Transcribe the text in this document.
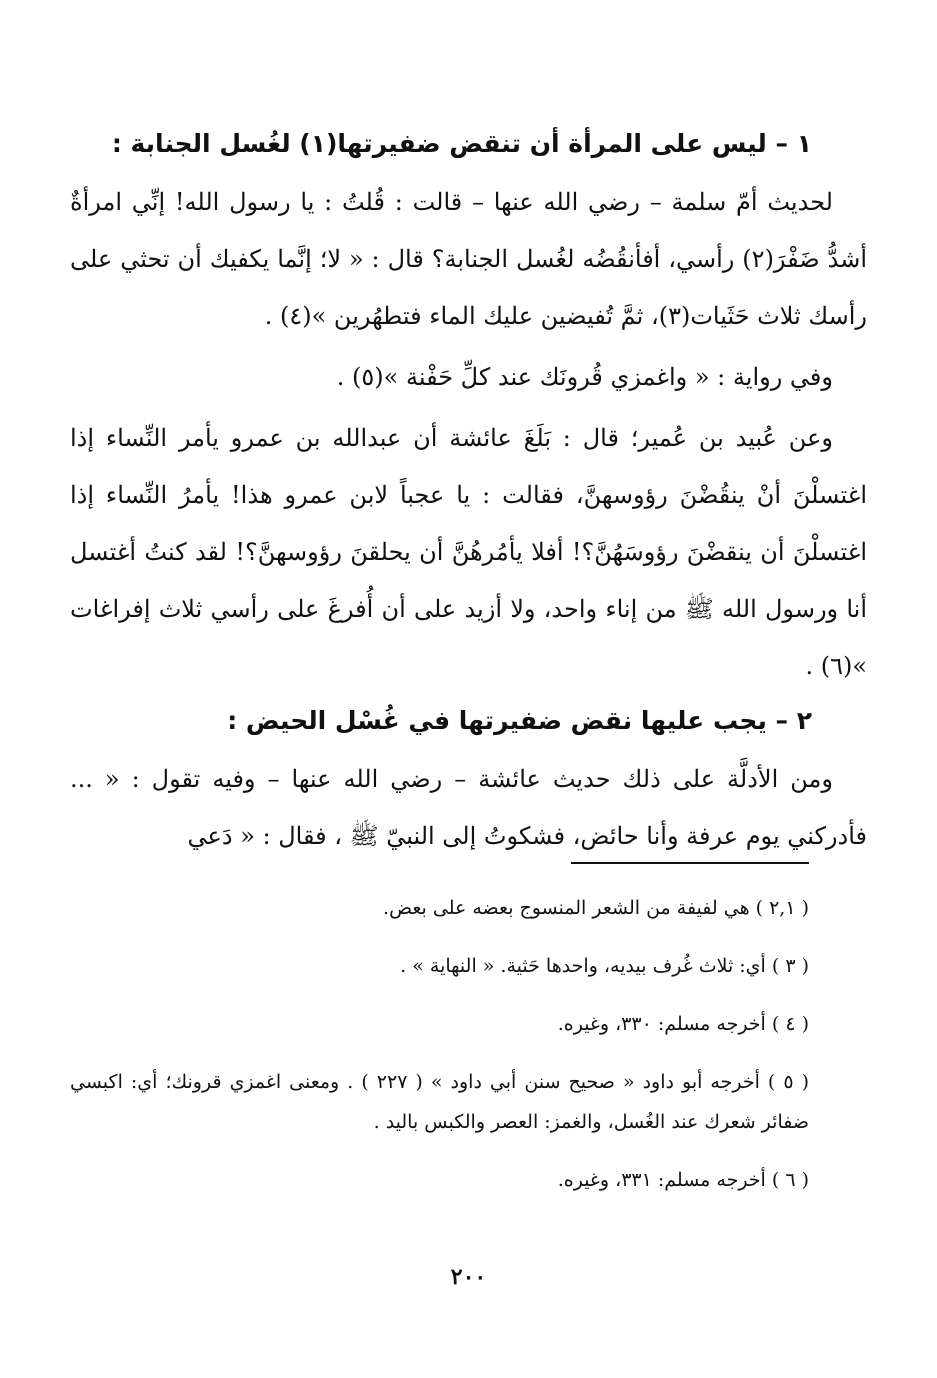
١ – ليس على المرأة أن تنقض ضفيرتها(١) لغُسل الجنابة :

لحديث أمّ سلمة – رضي الله عنها – قالت : قُلتُ : يا رسول الله! إنِّي امرأةٌ أشدُّ ضَفْرَ(٢) رأسي، أفأنقُضُه لغُسل الجنابة؟ قال : « لا؛ إنَّما يكفيك أن تحثي على رأسك ثلاث حَثَيات(٣)، ثمَّ تُفيضين عليك الماء فتطهُرين »(٤) .

وفي رواية : « واغمزي قُرونَك عند كلِّ حَفْنة »(٥) .

وعن عُبيد بن عُمير؛ قال : بَلَغَ عائشة أن عبدالله بن عمرو يأمر النِّساء إذا اغتسلْنَ أنْ ينقُضْنَ رؤوسهنَّ، فقالت : يا عجباً لابن عمرو هذا! يأمرُ النِّساء إذا اغتسلْنَ أن ينقضْنَ رؤوسَهُنَّ؟! أفلا يأمُرهُنَّ أن يحلقنَ رؤوسهنَّ؟! لقد كنتُ أغتسل أنا ورسول الله ﷺ من إناء واحد، ولا أزيد على أن أُفرغَ على رأسي ثلاث إفراغات »(٦) .

٢ – يجب عليها نقض ضفيرتها في غُسْل الحيض :

ومن الأدلَّة على ذلك حديث عائشة – رضي الله عنها – وفيه تقول : « ... فأدركني يوم عرفة وأنا حائض، فشكوتُ إلى النبيّ ﷺ ، فقال : « دَعي

( ٢,١ ) هي لفيفة من الشعر المنسوج بعضه على بعض.

( ٣ ) أي: ثلاث غُرف بيديه، واحدها حَثية. « النهاية » .

( ٤ ) أخرجه مسلم: ٣٣٠، وغيره.

( ٥ ) أخرجه أبو داود « صحيح سنن أبي داود » ( ٢٢٧ ) . ومعنى اغمزي قرونك؛ أي: اكبسي ضفائر شعرك عند الغُسل، والغمز: العصر والكبس باليد .

( ٦ ) أخرجه مسلم: ٣٣١، وغيره.

٢٠٠
